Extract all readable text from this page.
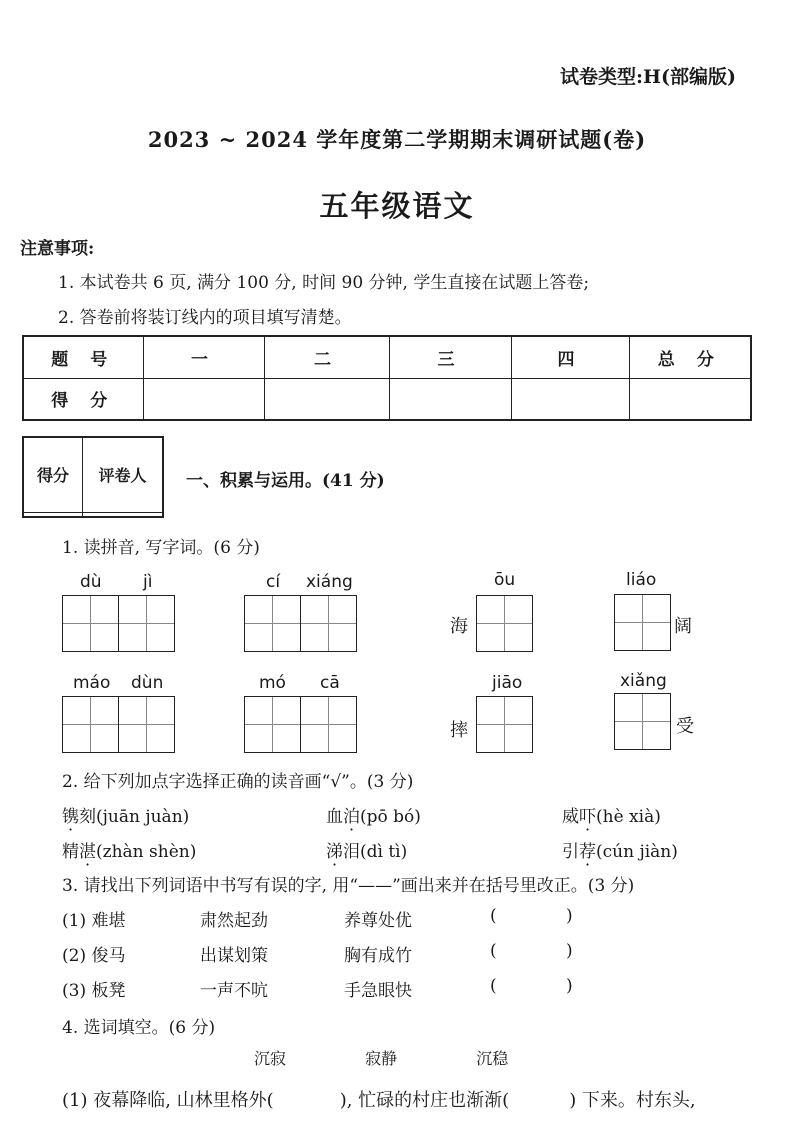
试卷类型:H(部编版)
2023 ~ 2024 学年度第二学期期末调研试题(卷)
五年级语文
注意事项:
1. 本试卷共 6 页, 满分 100 分, 时间 90 分钟, 学生直接在试题上答卷;
2. 答卷前将装订线内的项目填写清楚。
题 号	一	二	三	四	总 分
得 分					
得分	评卷人
	一、积累与运用。(41 分)
1. 读拼音, 写字词。(6 分)
dù jì	cí xiáng	ōu	liáo
海	阔
máo dùn	mó cā	jiāo	xiǎng
摔	受
2. 给下列加点字选择正确的读音画“√”。(3 分)
镌刻(juān juàn)	血泊(pō bó)	威吓(hè xià)
精湛(zhàn shèn)	涕泪(dì tì)	引荐(cún jiàn)
3. 请找出下列词语中书写有误的字, 用“——”画出来并在括号里改正。(3 分)
(1) 难堪	肃然起劲	养尊处优	(	)
(2) 俊马	出谋划策	胸有成竹	(	)
(3) 板凳	一声不吭	手急眼快	(	)
4. 选词填空。(6 分)
沉寂	寂静	沉稳
(1) 夜幕降临, 山林里格外(	), 忙碌的村庄也渐渐(	) 下来。村东头,
